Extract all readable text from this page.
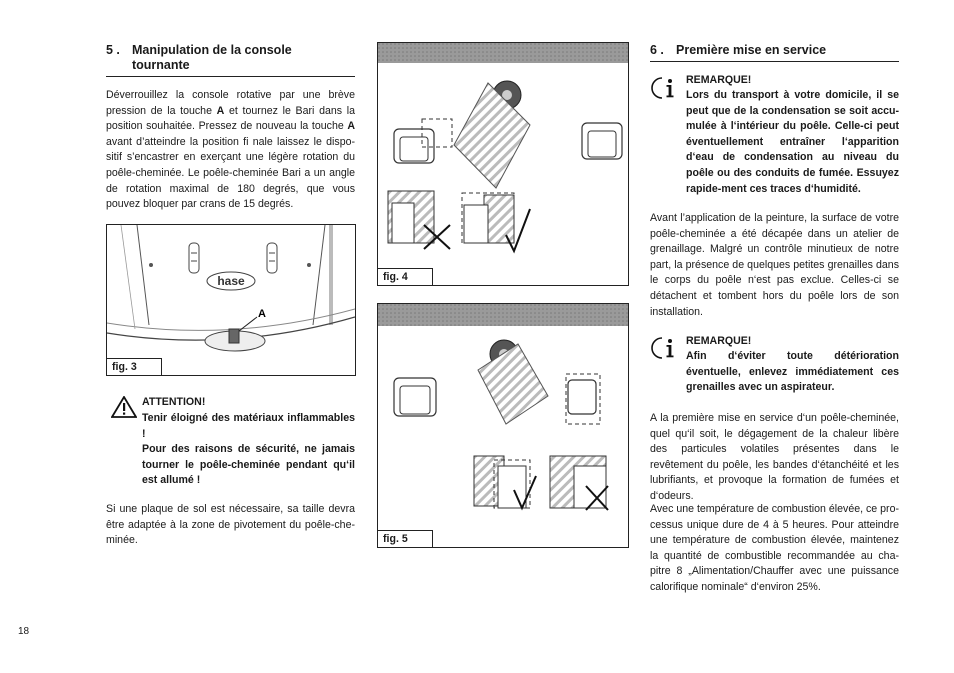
5 . Manipulation de la console
tournante
Déverrouillez la console rotative par une brève pression de la touche A et tournez le Bari dans la position souhaitée. Pressez de nouveau la touche A avant d’atteindre la position fi nale laissez le dispo-sitif s’encastrer en exerçant une légère rotation du poêle-cheminée. Le poêle-cheminée Bari a un angle de rotation maximal de 180 degrés, que vous pouvez bloquer par crans de 15 degrés.
hase
A
fig. 3
ATTENTION!
Tenir éloigné des matériaux inflammables !
Pour des raisons de sécurité, ne jamais tourner le poêle-cheminée pendant qu‘il est allumé !
Si une plaque de sol est nécessaire, sa taille devra être adaptée à la zone de pivotement du poêle-che-minée.
fig. 4
fig. 5
6 . Première mise en service
REMARQUE!
Lors du transport à votre domicile, il se peut que de la condensation se soit accu-mulée à l‘intérieur du poêle. Celle-ci peut éventuellement entraîner l‘apparition d‘eau de condensation au niveau du poêle ou des conduits de fumée. Essuyez rapide-ment ces traces d‘humidité.
Avant l’application de la peinture, la surface de votre poêle-cheminée a été décapée dans un atelier de grenaillage. Malgré un contrôle minutieux de notre part, la présence de quelques petites grenailles dans le corps du poêle n‘est pas exclue. Celles-ci se détachent et tombent hors du poêle lors de son installation.
REMARQUE!
Afin d‘éviter toute détérioration éventuelle, enlevez immédiatement ces grenailles avec un aspirateur.
A la première mise en service d‘un poêle-cheminée, quel qu‘il soit, le dégagement de la chaleur libère des particules volatiles présentes dans le revêtement du poêle, les bandes d‘étanchéité et les lubrifiants, et provoque la formation de fumées et d‘odeurs.
Avec une température de combustion élevée, ce pro-cessus unique dure de 4 à 5 heures. Pour atteindre une température de combustion élevée, maintenez la quantité de combustible recommandée au cha-pitre 8 „Alimentation/Chauffer avec une puissance calorifique nominale“ d‘environ 25%.
18
